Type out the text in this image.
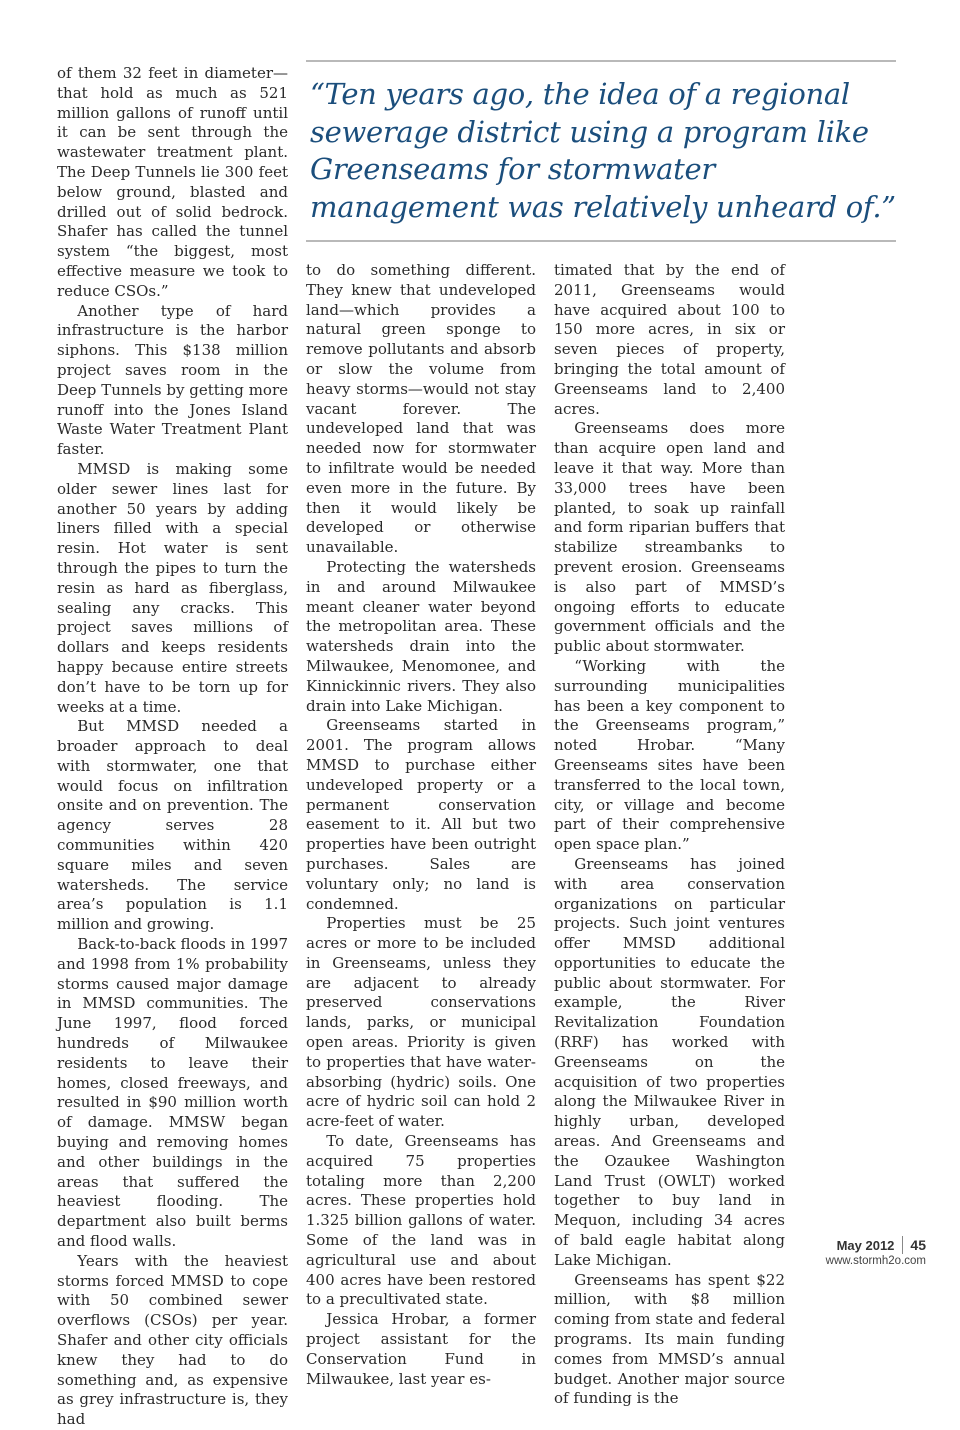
“Ten years ago, the idea of a regional sewerage district using a program like Greenseams for stormwater management was relatively unheard of.”

of them 32 feet in diameter—that hold as much as 521 million gallons of runoff until it can be sent through the wastewater treatment plant. The Deep Tunnels lie 300 feet below ground, blasted and drilled out of solid bedrock. Shafer has called the tunnel system “the biggest, most effective measure we took to reduce CSOs.”

Another type of hard infrastructure is the harbor siphons. This $138 million project saves room in the Deep Tunnels by getting more runoff into the Jones Island Waste Water Treatment Plant faster.

MMSD is making some older sewer lines last for another 50 years by adding liners filled with a special resin. Hot water is sent through the pipes to turn the resin as hard as fiberglass, sealing any cracks. This project saves millions of dollars and keeps residents happy because entire streets don’t have to be torn up for weeks at a time.

But MMSD needed a broader approach to deal with stormwater, one that would focus on infiltration onsite and on prevention. The agency serves 28 communities within 420 square miles and seven watersheds. The service area’s population is 1.1 million and growing.

Back-to-back floods in 1997 and 1998 from 1% probability storms caused major damage in MMSD communities. The June 1997, flood forced hundreds of Milwaukee residents to leave their homes, closed freeways, and resulted in $90 million worth of damage. MMSW began buying and removing homes and other buildings in the areas that suffered the heaviest flooding. The department also built berms and flood walls.

Years with the heaviest storms forced MMSD to cope with 50 combined sewer overflows (CSOs) per year. Shafer and other city officials knew they had to do something and, as expensive as grey infrastructure is, they had

to do something different. They knew that undeveloped land—which provides a natural green sponge to remove pollutants and absorb or slow the volume from heavy storms—would not stay vacant forever. The undeveloped land that was needed now for stormwater to infiltrate would be needed even more in the future. By then it would likely be developed or otherwise unavailable.

Protecting the watersheds in and around Milwaukee meant cleaner water beyond the metropolitan area. These watersheds drain into the Milwaukee, Menomonee, and Kinnickinnic rivers. They also drain into Lake Michigan.

Greenseams started in 2001. The program allows MMSD to purchase either undeveloped property or a permanent conservation easement to it. All but two properties have been outright purchases. Sales are voluntary only; no land is condemned.

Properties must be 25 acres or more to be included in Greenseams, unless they are adjacent to already preserved conservations lands, parks, or municipal open areas. Priority is given to properties that have water-absorbing (hydric) soils. One acre of hydric soil can hold 2 acre-feet of water.

To date, Greenseams has acquired 75 properties totaling more than 2,200 acres. These properties hold 1.325 billion gallons of water. Some of the land was in agricultural use and about 400 acres have been restored to a precultivated state.

Jessica Hrobar, a former project assistant for the Conservation Fund in Milwaukee, last year es-

timated that by the end of 2011, Greenseams would have acquired about 100 to 150 more acres, in six or seven pieces of property, bringing the total amount of Greenseams land to 2,400 acres.

Greenseams does more than acquire open land and leave it that way. More than 33,000 trees have been planted, to soak up rainfall and form riparian buffers that stabilize streambanks to prevent erosion. Greenseams is also part of MMSD’s ongoing efforts to educate government officials and the public about stormwater.

“Working with the surrounding municipalities has been a key component to the Greenseams program,” noted Hrobar. “Many Greenseams sites have been transferred to the local town, city, or village and become part of their comprehensive open space plan.”

Greenseams has joined with area conservation organizations on particular projects. Such joint ventures offer MMSD additional opportunities to educate the public about stormwater. For example, the River Revitalization Foundation (RRF) has worked with Greenseams on the acquisition of two properties along the Milwaukee River in highly urban, developed areas. And Greenseams and the Ozaukee Washington Land Trust (OWLT) worked together to buy land in Mequon, including 34 acres of bald eagle habitat along Lake Michigan.

Greenseams has spent $22 million, with $8 million coming from state and federal programs. Its main funding comes from MMSD’s annual budget. Another major source of funding is the

May 2012 45
www.stormh2o.com
